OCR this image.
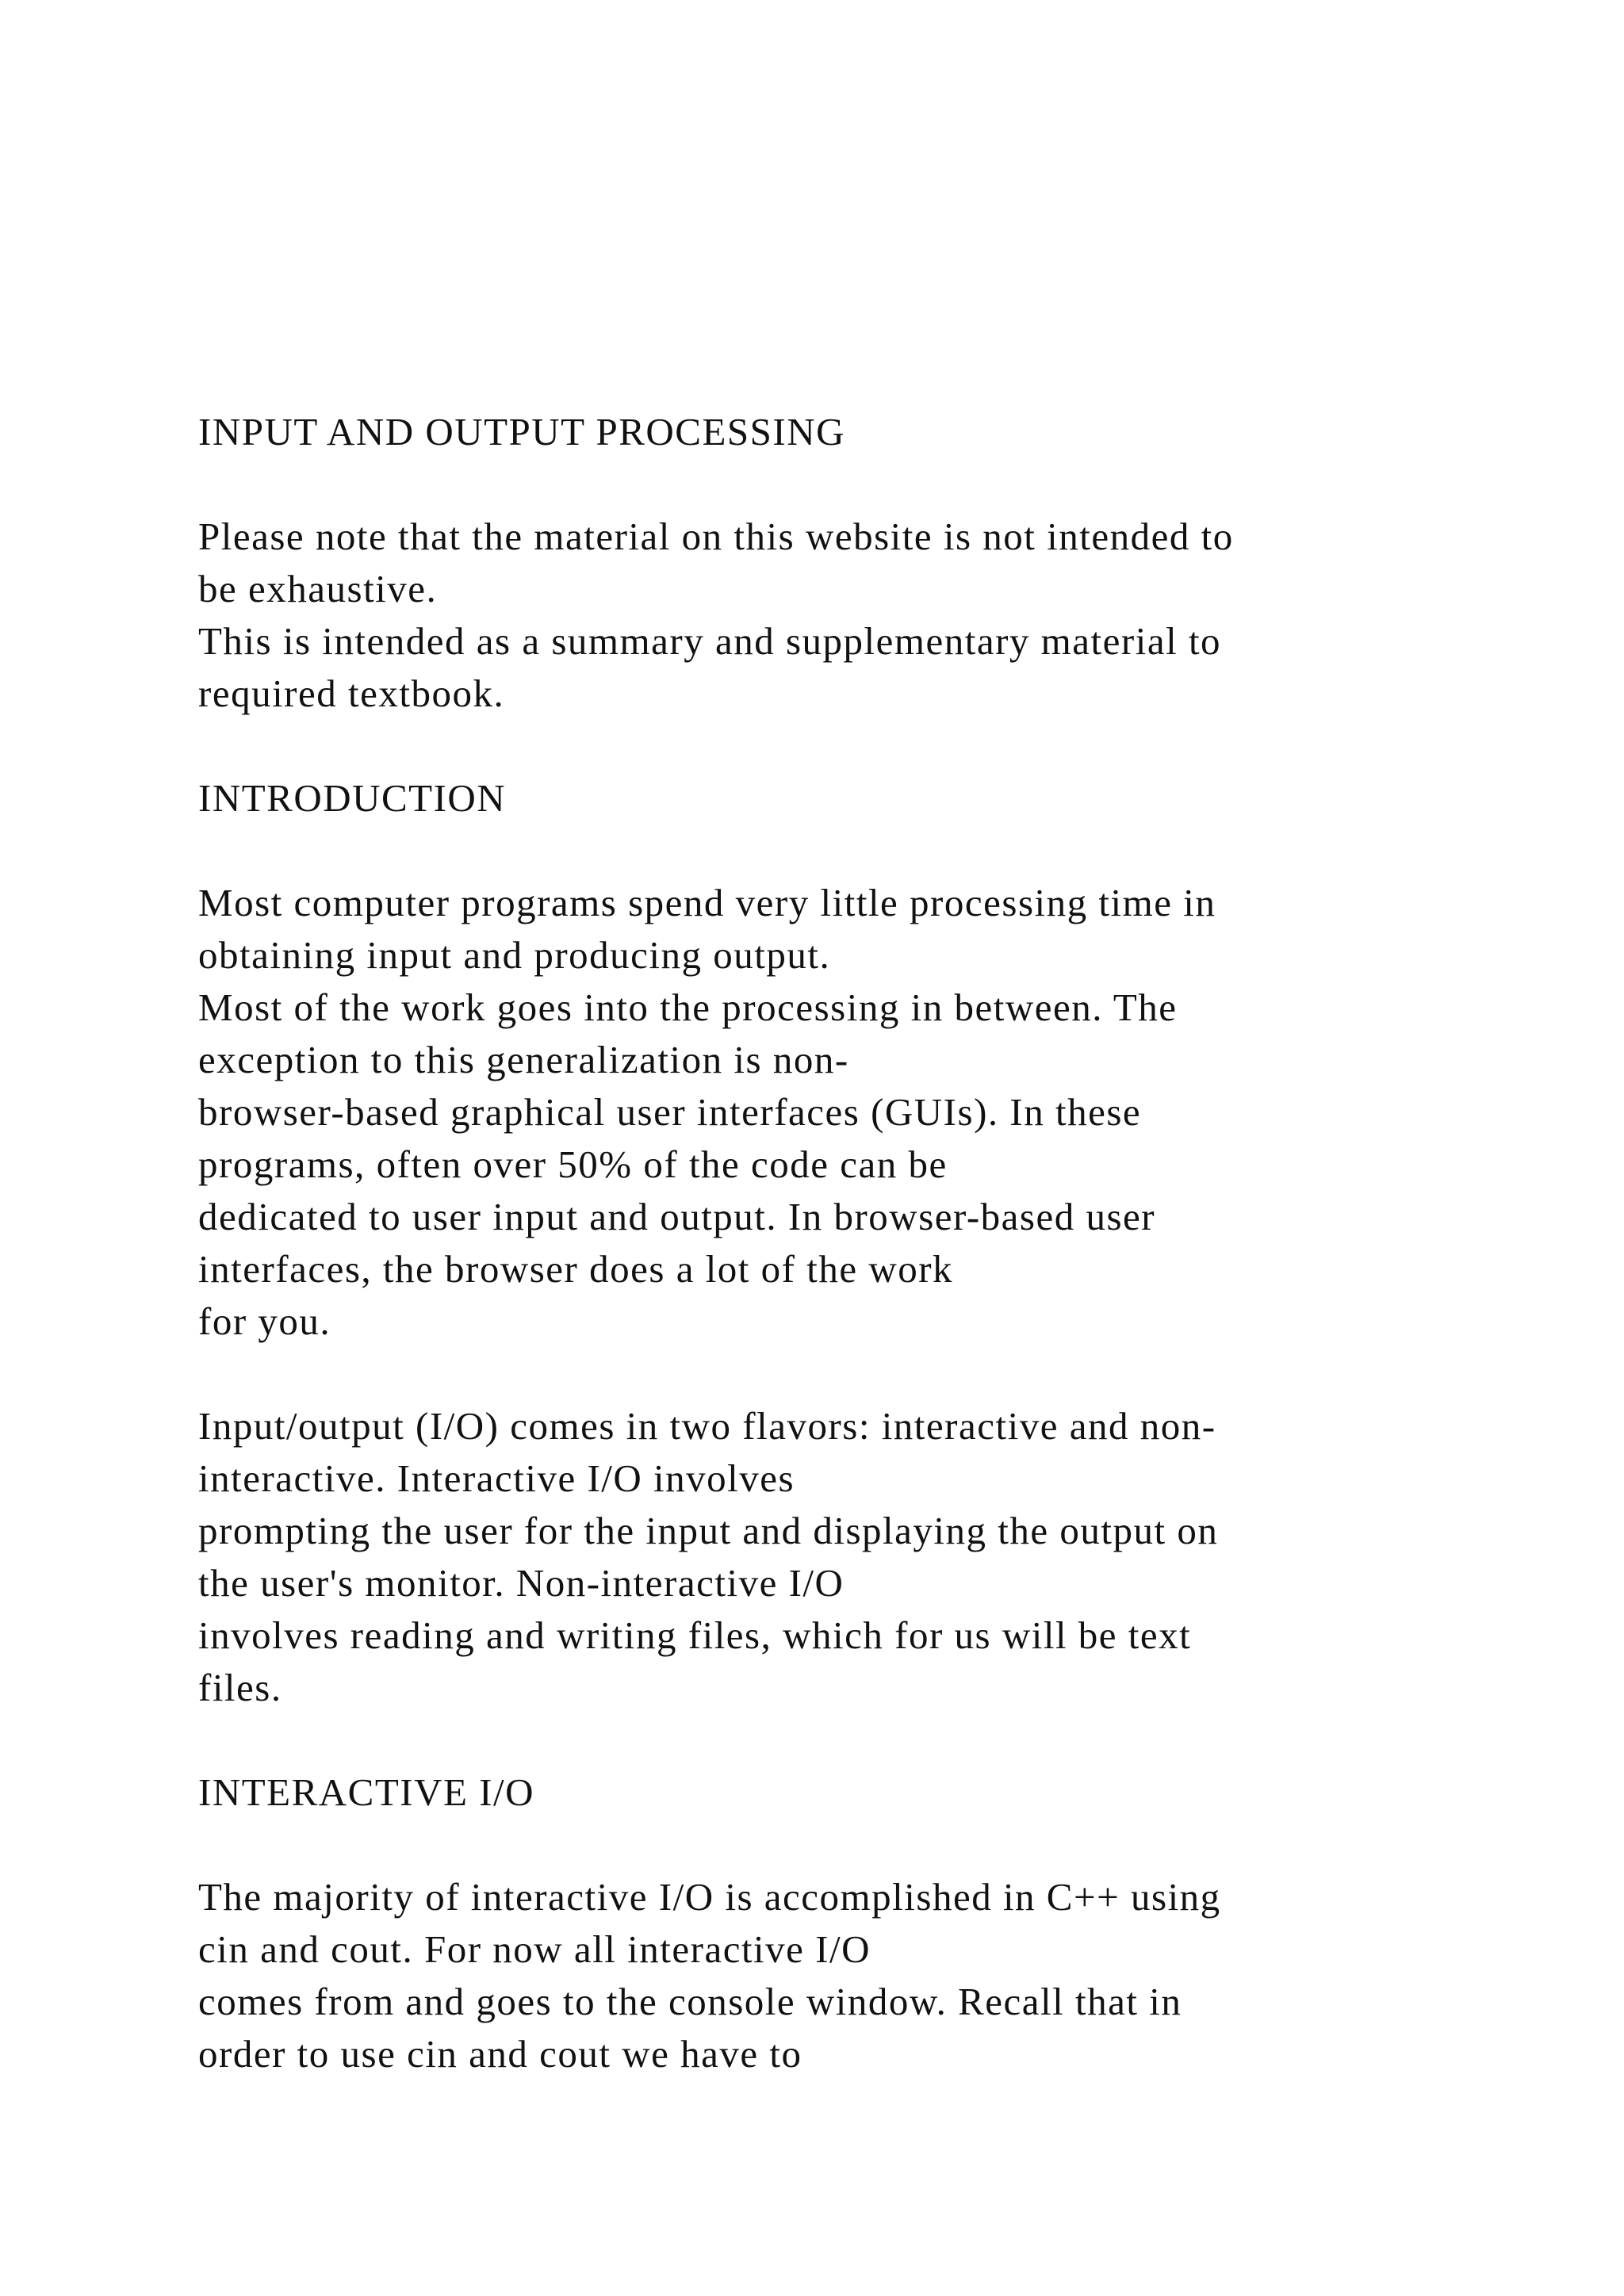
INPUT AND OUTPUT PROCESSING
Please note that the material on this website is not intended to
be exhaustive.
This is intended as a summary and supplementary material to
required textbook.
INTRODUCTION
Most computer programs spend very little processing time in
obtaining input and producing output.
Most of the work goes into the processing in between. The
exception to this generalization is non-
browser-based graphical user interfaces (GUIs). In these
programs, often over 50% of the code can be
dedicated to user input and output. In browser-based user
interfaces, the browser does a lot of the work
for you.
Input/output (I/O) comes in two flavors: interactive and non-
interactive. Interactive I/O involves
prompting the user for the input and displaying the output on
the user's monitor. Non-interactive I/O
involves reading and writing files, which for us will be text
files.
INTERACTIVE I/O
The majority of interactive I/O is accomplished in C++ using
cin and cout. For now all interactive I/O
comes from and goes to the console window. Recall that in
order to use cin and cout we have to
